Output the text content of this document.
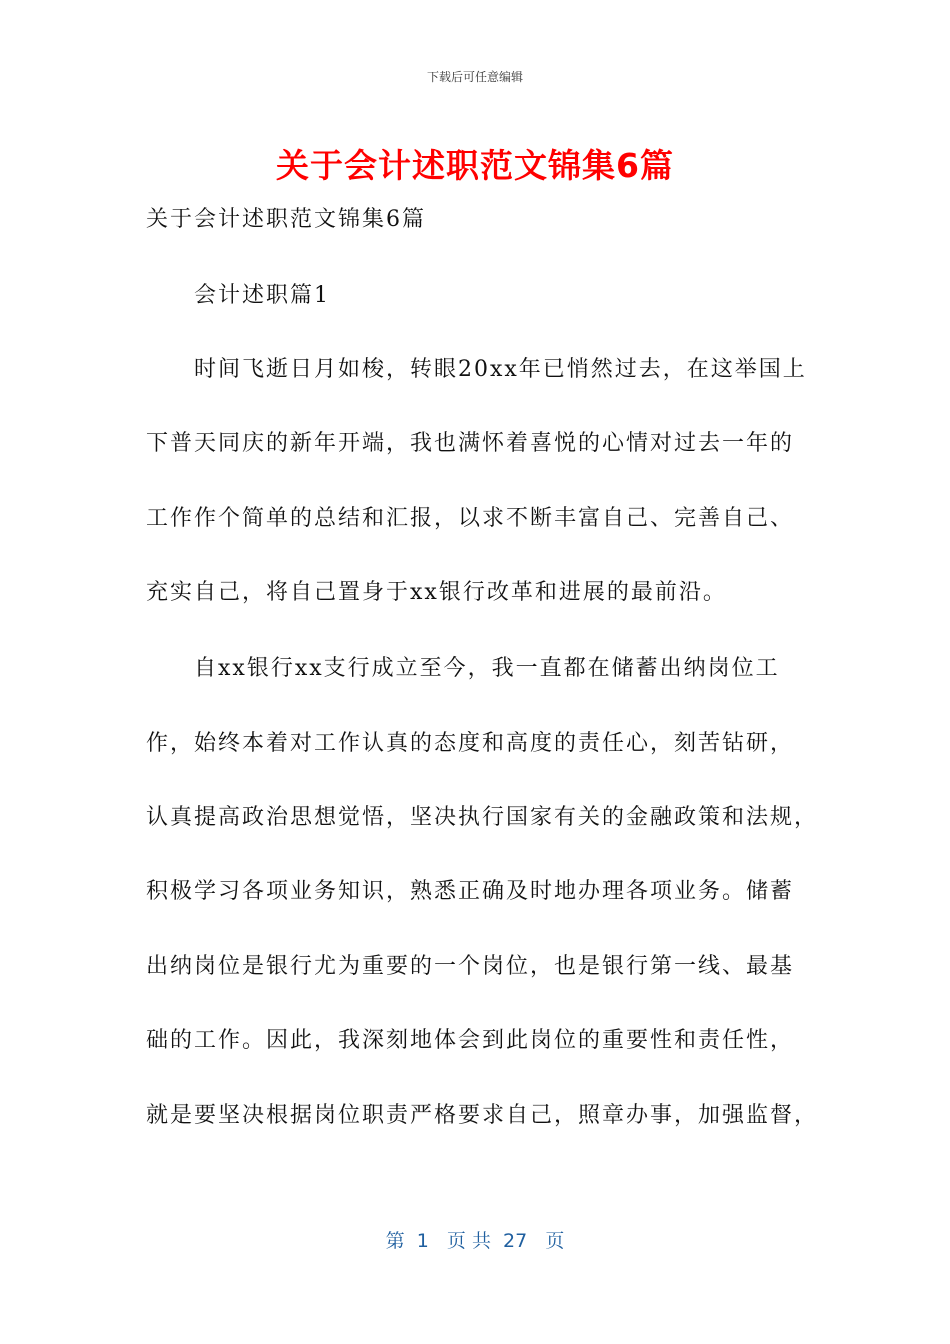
下载后可任意编辑
关于会计述职范文锦集6篇
关于会计述职范文锦集6篇
会计述职篇1
时间飞逝日月如梭，转眼20xx年已悄然过去，在这举国上
下普天同庆的新年开端，我也满怀着喜悦的心情对过去一年的
工作作个简单的总结和汇报，以求不断丰富自己、完善自己、
充实自己，将自己置身于xx银行改革和进展的最前沿。
自xx银行xx支行成立至今，我一直都在储蓄出纳岗位工
作，始终本着对工作认真的态度和高度的责任心，刻苦钻研，
认真提高政治思想觉悟，坚决执行国家有关的金融政策和法规，
积极学习各项业务知识，熟悉正确及时地办理各项业务。储蓄
出纳岗位是银行尤为重要的一个岗位，也是银行第一线、最基
础的工作。因此，我深刻地体会到此岗位的重要性和责任性，
就是要坚决根据岗位职责严格要求自己，照章办事，加强监督，
第  1   页 共  27   页
